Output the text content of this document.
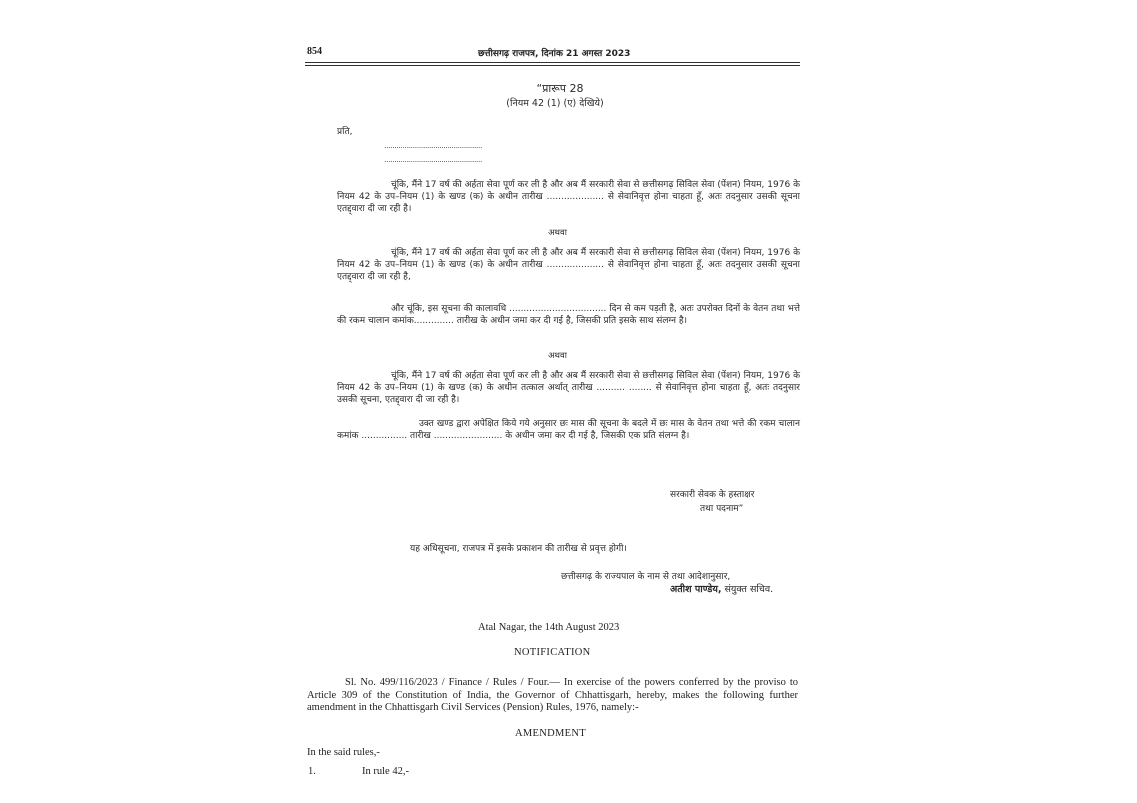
854	छत्तीसगढ़ राजपत्र, दिनांक 21 अगस्त 2023
“प्रारूप 28
(नियम 42 (1) (ए) देखिये)
प्रति,
................................................
................................................

चूंकि, मैंने 17 वर्ष की अर्हता सेवा पूर्ण कर ली है और अब मैं सरकारी सेवा से छत्तीसगढ़ सिविल सेवा (पेंशन) नियम, 1976 के नियम 42 के उप–नियम (1) के खण्ड (क) के अधीन तारीख .................... से सेवानिवृत्त होना चाहता हूँ, अतः तदनुसार उसकी सूचना एतद्द्वारा दी जा रही है।

अथवा

चूंकि, मैंने 17 वर्ष की अर्हता सेवा पूर्ण कर ली है और अब मैं सरकारी सेवा से छत्तीसगढ़ सिविल सेवा (पेंशन) नियम, 1976 के नियम 42 के उप–नियम (1) के खण्ड (क) के अधीन तारीख .................... से सेवानिवृत्त होना चाहता हूँ, अतः तदनुसार उसकी सूचना एतद्द्वारा दी जा रही है,

और चूंकि, इस सूचना की कालावधि .................................. दिन से कम पड़ती है, अतः उपरोक्त दिनों के वेतन तथा भत्ते की रकम चालान कमांक.............. तारीख के अधीन जमा कर दी गई है, जिसकी प्रति इसके साथ संलग्न है।

अथवा

चूंकि, मैंने 17 वर्ष की अर्हता सेवा पूर्ण कर ली है और अब मैं सरकारी सेवा से छत्तीसगढ़ सिविल सेवा (पेंशन) नियम, 1976 के नियम 42 के उप–नियम (1) के खण्ड (क) के अधीन तत्काल अर्थात् तारीख .......... ........ से सेवानिवृत्त होना चाहता हूँ, अतः तदनुसार उसकी सूचना, एतद्द्वारा दी जा रही है।

उक्त खण्ड द्वारा अपेक्षित किये गये अनुसार छः मास की सूचना के बदले में छः मास के वेतन तथा भत्ते की रकम चालान कमांक ................ तारीख ........................ के अधीन जमा कर दी गई है, जिसकी एक प्रति संलग्न है।

सरकारी सेवक के हस्ताक्षर
तथा पदनाम”
यह अधिसूचना, राजपत्र में इसके प्रकाशन की तारीख से प्रवृत्त होगी।
छत्तीसगढ़ के राज्यपाल के नाम से तथा आदेशानुसार,
अतीश पाण्डेय, संयुक्त सचिव.
Atal Nagar, the 14th August 2023
NOTIFICATION

Sl. No. 499/116/2023 / Finance / Rules / Four.— In exercise of the powers conferred by the proviso to Article 309 of the Constitution of India, the Governor of Chhattisgarh, hereby, makes the following further amendment in the Chhattisgarh Civil Services (Pension) Rules, 1976, namely:-

AMENDMENT
In the said rules,-
1.	In rule 42,-
